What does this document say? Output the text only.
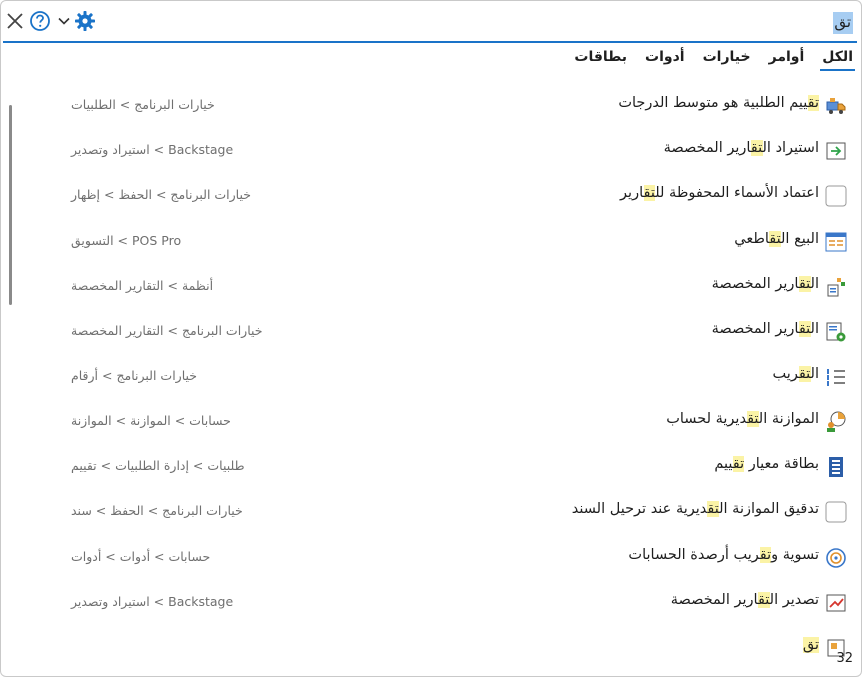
تق
الكل
أوامر
خيارات
أدوات
بطاقات
تقييم الطلبية هو متوسط الدرجات
خيارات البرنامج > الطلبيات
استيراد التقارير المخصصة
Backstage > استيراد وتصدير
اعتماد الأسماء المحفوظة للتقارير
خيارات البرنامج > الحفظ > إظهار
البيع التقاطعي
POS Pro > التسويق
التقارير المخصصة
أنظمة > التقارير المخصصة
التقارير المخصصة
خيارات البرنامج > التقارير المخصصة
التقريب
خيارات البرنامج > أرقام
الموازنة التقديرية لحساب
حسابات > الموازنة > الموازنة
بطاقة معيار تقييم
طلبيات > إدارة الطلبيات > تقييم
تدقيق الموازنة التقديرية عند ترحيل السند
خيارات البرنامج > الحفظ > سند
تسوية وتقريب أرصدة الحسابات
حسابات > أدوات > أدوات
تصدير التقارير المخصصة
Backstage > استيراد وتصدير
تق
32
